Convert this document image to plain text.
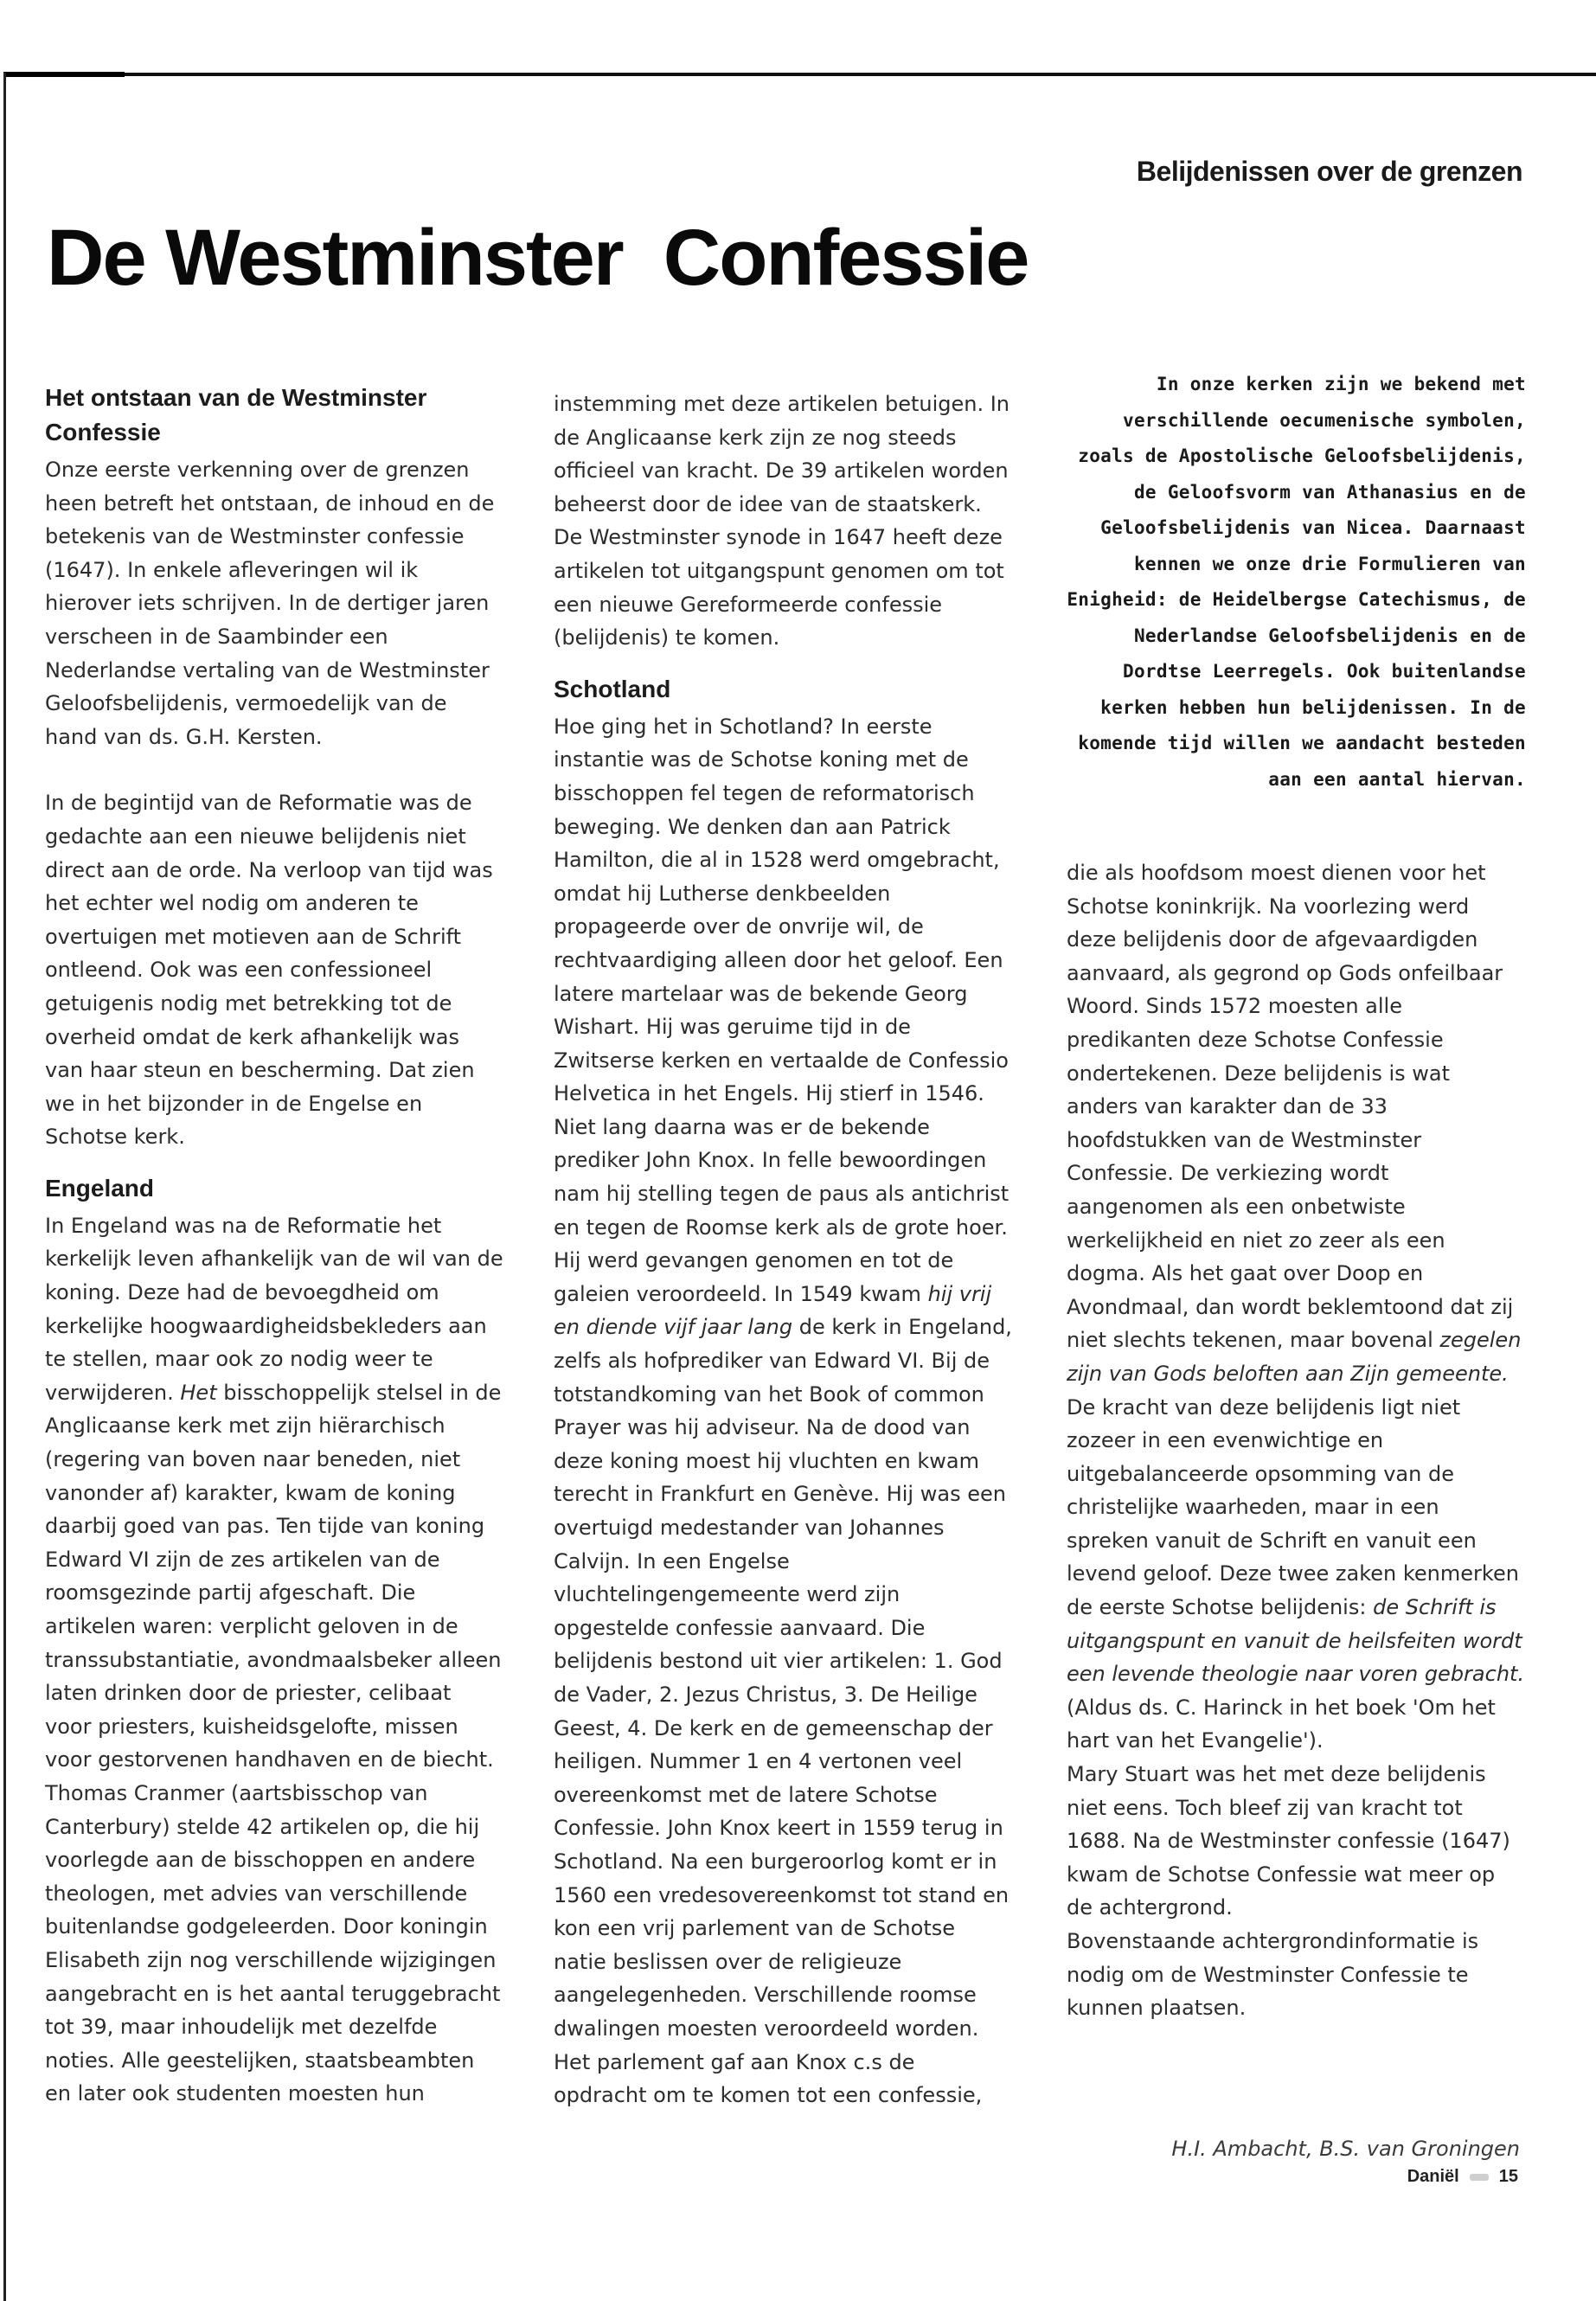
Belijdenissen over de grenzen
De Westminster  Confessie
Het ontstaan van de Westminster Confessie

Onze eerste verkenning over de grenzen heen betreft het ontstaan, de inhoud en de betekenis van de Westminster confessie (1647). In enkele afleveringen wil ik hierover iets schrijven. In de dertiger jaren verscheen in de Saambinder een Nederlandse vertaling van de Westminster Geloofsbelijdenis, vermoedelijk van de hand van ds. G.H. Kersten.

In de begintijd van de Reformatie was de gedachte aan een nieuwe belijdenis niet direct aan de orde. Na verloop van tijd was het echter wel nodig om anderen te overtuigen met motieven aan de Schrift ontleend. Ook was een confessioneel getuigenis nodig met betrekking tot de overheid omdat de kerk afhankelijk was van haar steun en bescherming. Dat zien we in het bijzonder in de Engelse en Schotse kerk.

Engeland

In Engeland was na de Reformatie het kerkelijk leven afhankelijk van de wil van de koning. Deze had de bevoegdheid om kerkelijke hoogwaardigheidsbekleders aan te stellen, maar ook zo nodig weer te verwijderen. Het bisschoppelijk stelsel in de Anglicaanse kerk met zijn hiërarchisch (regering van boven naar beneden, niet vanonder af) karakter, kwam de koning daarbij goed van pas. Ten tijde van koning Edward VI zijn de zes artikelen van de roomsgezinde partij afgeschaft. Die artikelen waren: verplicht geloven in de transsubstantiatie, avondmaalsbeker alleen laten drinken door de priester, celibaat voor priesters, kuisheidsgelofte, missen voor gestorvenen handhaven en de biecht. Thomas Cranmer (aartsbisschop van Canterbury) stelde 42 artikelen op, die hij voorlegde aan de bisschoppen en andere theologen, met advies van verschillende buitenlandse godgeleerden. Door koningin Elisabeth zijn nog verschillende wijzigingen aangebracht en is het aantal teruggebracht tot 39, maar inhoudelijk met dezelfde noties. Alle geestelijken, staatsbeambten en later ook studenten moesten hun

instemming met deze artikelen betuigen. In de Anglicaanse kerk zijn ze nog steeds officieel van kracht. De 39 artikelen worden beheerst door de idee van de staatskerk. De Westminster synode in 1647 heeft deze artikelen tot uitgangspunt genomen om tot een nieuwe Gereformeerde confessie (belijdenis) te komen.

Schotland

Hoe ging het in Schotland? In eerste instantie was de Schotse koning met de bisschoppen fel tegen de reformatorisch beweging. We denken dan aan Patrick Hamilton, die al in 1528 werd omgebracht, omdat hij Lutherse denkbeelden propageerde over de onvrije wil, de rechtvaardiging alleen door het geloof. Een latere martelaar was de bekende Georg Wishart. Hij was geruime tijd in de Zwitserse kerken en vertaalde de Confessio Helvetica in het Engels. Hij stierf in 1546.

Niet lang daarna was er de bekende prediker John Knox. In felle bewoordingen nam hij stelling tegen de paus als antichrist en tegen de Roomse kerk als de grote hoer. Hij werd gevangen genomen en tot de galeien veroordeeld. In 1549 kwam hij vrij en diende vijf jaar lang de kerk in Engeland, zelfs als hofprediker van Edward VI. Bij de totstandkoming van het Book of common Prayer was hij adviseur. Na de dood van deze koning moest hij vluchten en kwam terecht in Frankfurt en Genève. Hij was een overtuigd medestander van Johannes Calvijn. In een Engelse vluchtelingengemeente werd zijn opgestelde confessie aanvaard. Die belijdenis bestond uit vier artikelen: 1. God de Vader, 2. Jezus Christus, 3. De Heilige Geest, 4. De kerk en de gemeenschap der heiligen. Nummer 1 en 4 vertonen veel overeenkomst met de latere Schotse Confessie. John Knox keert in 1559 terug in Schotland. Na een burgeroorlog komt er in 1560 een vredesovereenkomst tot stand en kon een vrij parlement van de Schotse natie beslissen over de religieuze aangelegenheden. Verschillende roomse dwalingen moesten veroordeeld worden. Het parlement gaf aan Knox c.s de opdracht om te komen tot een confessie,

In onze kerken zijn we bekend met verschillende oecumenische symbolen, zoals de Apostolische Geloofsbelijdenis, de Geloofsvorm van Athanasius en de Geloofsbelijdenis van Nicea. Daarnaast kennen we onze drie Formulieren van Enigheid: de Heidelbergse Catechismus, de Nederlandse Geloofsbelijdenis en de Dordtse Leerregels. Ook buitenlandse kerken hebben hun belijdenissen. In de komende tijd willen we aandacht besteden aan een aantal hiervan.

die als hoofdsom moest dienen voor het Schotse koninkrijk. Na voorlezing werd deze belijdenis door de afgevaardigden aanvaard, als gegrond op Gods onfeilbaar Woord. Sinds 1572 moesten alle predikanten deze Schotse Confessie ondertekenen. Deze belijdenis is wat anders van karakter dan de 33 hoofdstukken van de Westminster Confessie. De verkiezing wordt aangenomen als een onbetwiste werkelijkheid en niet zo zeer als een dogma. Als het gaat over Doop en Avondmaal, dan wordt beklemtoond dat zij niet slechts tekenen, maar bovenal zegelen zijn van Gods beloften aan Zijn gemeente.

De kracht van deze belijdenis ligt niet zozeer in een evenwichtige en uitgebalanceerde opsomming van de christelijke waarheden, maar in een spreken vanuit de Schrift en vanuit een levend geloof. Deze twee zaken kenmerken de eerste Schotse belijdenis: de Schrift is uitgangspunt en vanuit de heilsfeiten wordt een levende theologie naar voren gebracht. (Aldus ds. C. Harinck in het boek 'Om het hart van het Evangelie').

Mary Stuart was het met deze belijdenis niet eens. Toch bleef zij van kracht tot 1688. Na de Westminster confessie (1647) kwam de Schotse Confessie wat meer op de achtergrond.

Bovenstaande achtergrondinformatie is nodig om de Westminster Confessie te kunnen plaatsen.

H.I. Ambacht, B.S. van Groningen
Daniël 15
